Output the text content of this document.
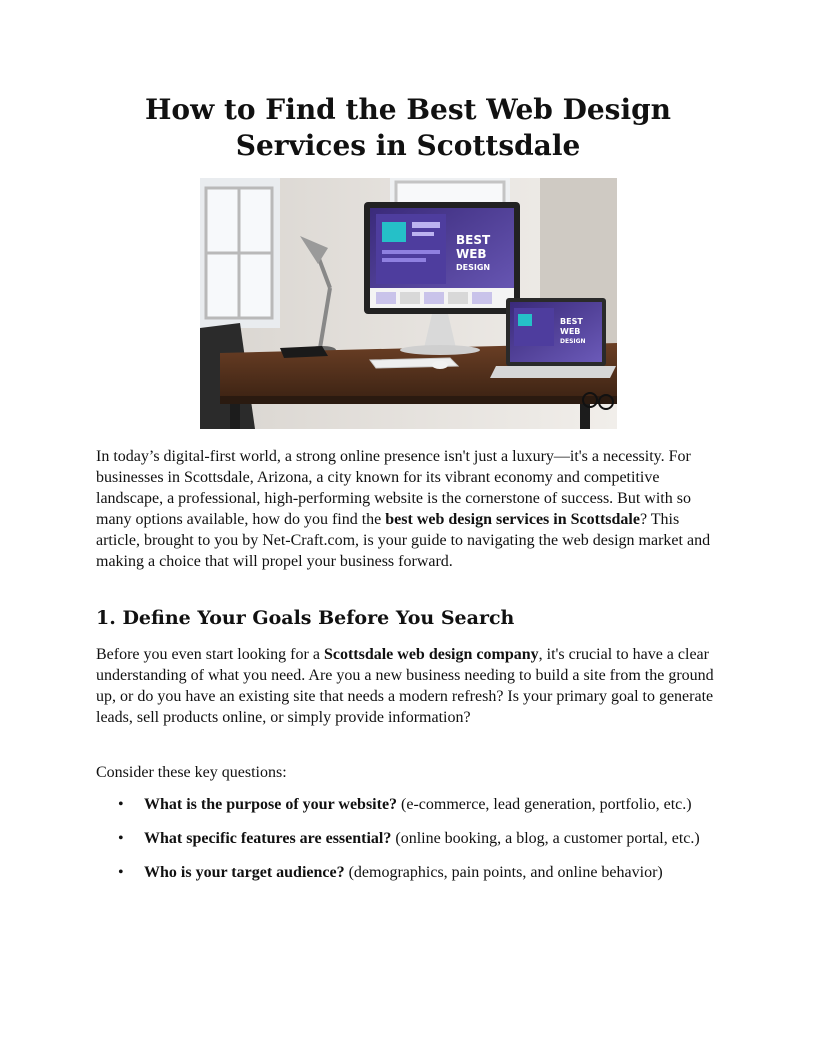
How to Find the Best Web Design Services in Scottsdale
BEST
WEB
DESIGN
BEST
WEB
DESIGN

In today’s digital-first world, a strong online presence isn't just a luxury—it's a necessity. For businesses in Scottsdale, Arizona, a city known for its vibrant economy and competitive landscape, a professional, high-performing website is the cornerstone of success. But with so many options available, how do you find the best web design services in Scottsdale? This article, brought to you by Net-Craft.com, is your guide to navigating the web design market and making a choice that will propel your business forward.

1. Define Your Goals Before You Search

Before you even start looking for a Scottsdale web design company, it's crucial to have a clear understanding of what you need. Are you a new business needing to build a site from the ground up, or do you have an existing site that needs a modern refresh? Is your primary goal to generate leads, sell products online, or simply provide information?

Consider these key questions:

• What is the purpose of your website? (e-commerce, lead generation, portfolio, etc.)
• What specific features are essential? (online booking, a blog, a customer portal, etc.)
• Who is your target audience? (demographics, pain points, and online behavior)
